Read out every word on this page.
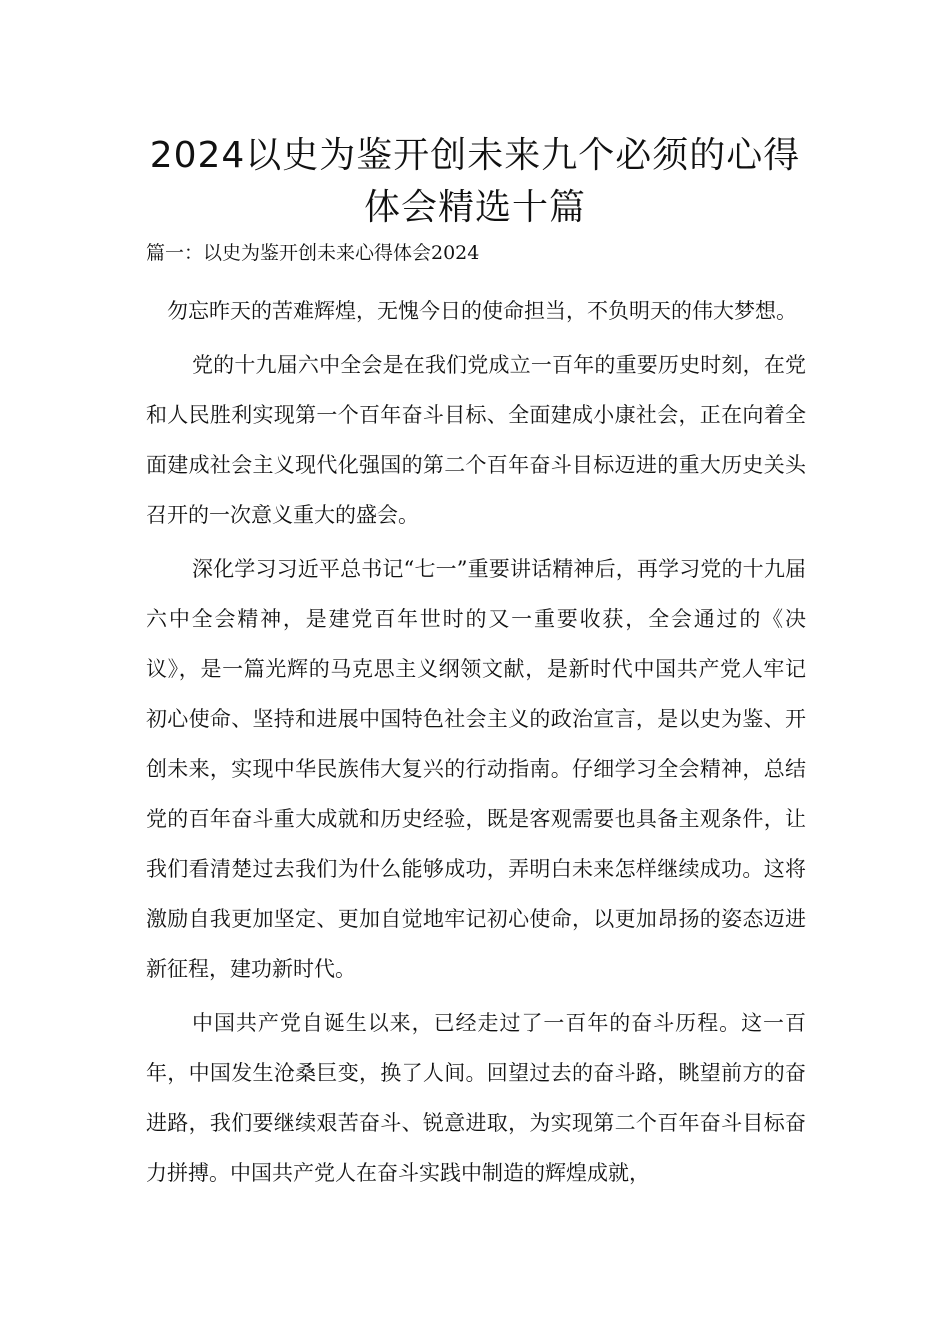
2024以史为鉴开创未来九个必须的心得体会精选十篇
篇一：以史为鉴开创未来心得体会2024

勿忘昨天的苦难辉煌，无愧今日的使命担当，不负明天的伟大梦想。

党的十九届六中全会是在我们党成立一百年的重要历史时刻，在党和人民胜利实现第一个百年奋斗目标、全面建成小康社会，正在向着全面建成社会主义现代化强国的第二个百年奋斗目标迈进的重大历史关头召开的一次意义重大的盛会。

深化学习习近平总书记“七一”重要讲话精神后，再学习党的十九届六中全会精神，是建党百年世时的又一重要收获，全会通过的《决议》，是一篇光辉的马克思主义纲领文献，是新时代中国共产党人牢记初心使命、坚持和进展中国特色社会主义的政治宣言，是以史为鉴、开创未来，实现中华民族伟大复兴的行动指南。仔细学习全会精神，总结党的百年奋斗重大成就和历史经验，既是客观需要也具备主观条件，让我们看清楚过去我们为什么能够成功，弄明白未来怎样继续成功。这将激励自我更加坚定、更加自觉地牢记初心使命，以更加昂扬的姿态迈进新征程，建功新时代。

中国共产党自诞生以来，已经走过了一百年的奋斗历程。这一百年，中国发生沧桑巨变，换了人间。回望过去的奋斗路，眺望前方的奋进路，我们要继续艰苦奋斗、锐意进取，为实现第二个百年奋斗目标奋力拼搏。中国共产党人在奋斗实践中制造的辉煌成就，
